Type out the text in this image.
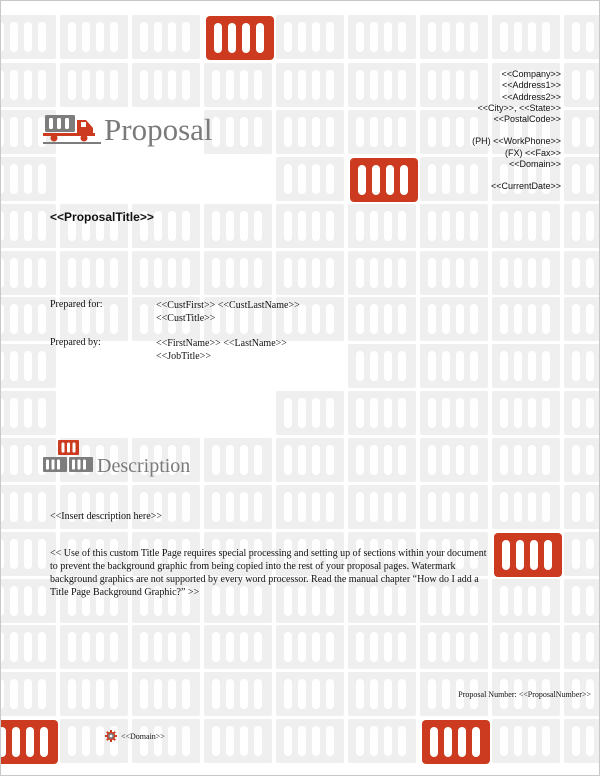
Proposal
<<Company>>
<<Address1>>
<<Address2>>
<<City>>, <<State>>
<<PostalCode>>
(PH) <<WorkPhone>>
(FX) <<Fax>>
<<Domain>>
<<CurrentDate>>
<<ProposalTitle>>
Prepared for:	<<CustFirst>> <<CustLastName>>
<<CustTitle>>
Prepared by:	<<FirstName>> <<LastName>>
<<JobTitle>>
Description
<<Insert description here>>
<< Use of this custom Title Page requires special processing and setting up of sections within your document to prevent the background graphic from being copied into the rest of your proposal pages. Watermark background graphics are not supported by every word processor. Read the manual chapter “How do I add a Title Page Background Graphic?” >>
Proposal Number: <<ProposalNumber>>
<<Domain>>
